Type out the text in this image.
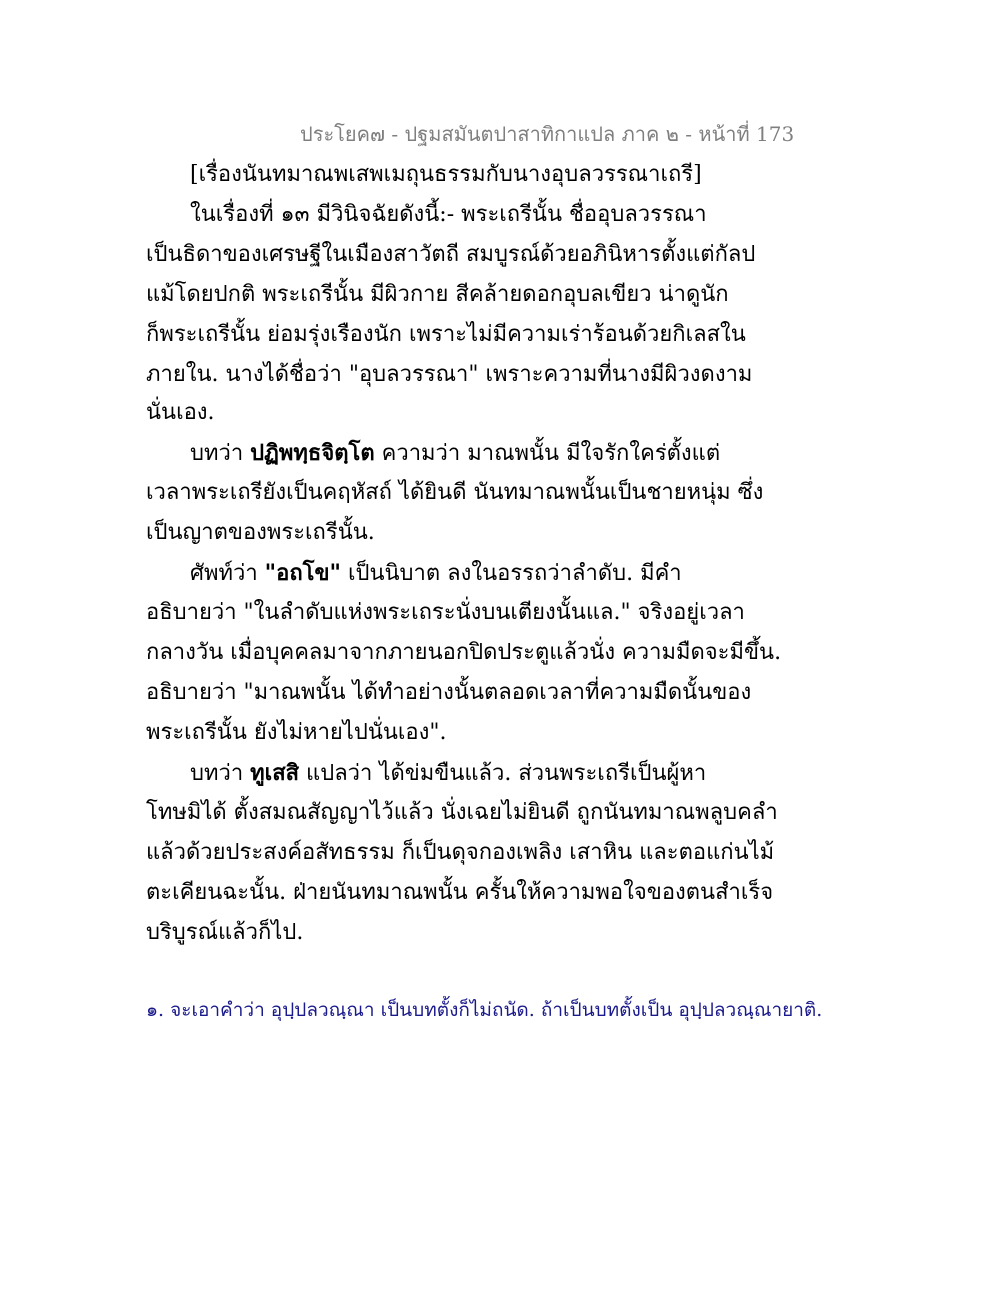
ประโยค๗ - ปฐมสมันตปาสาทิกาแปล ภาค ๒ - หน้าที่ 173
[เรื่องนันทมาณพเสพเมถุนธรรมกับนางอุบลวรรณาเถรี]
ในเรื่องที่ ๑๓ มีวินิจฉัยดังนี้:- พระเถรีนั้น ชื่ออุบลวรรณา
เป็นธิดาของเศรษฐีในเมืองสาวัตถี สมบูรณ์ด้วยอภินิหารตั้งแต่กัลป
แม้โดยปกติ พระเถรีนั้น มีผิวกาย สีคล้ายดอกอุบลเขียว น่าดูนัก
ก็พระเถรีนั้น ย่อมรุ่งเรืองนัก เพราะไม่มีความเร่าร้อนด้วยกิเลสใน
ภายใน. นางได้ชื่อว่า "อุบลวรรณา" เพราะความที่นางมีผิวงดงาม
นั่นเอง.
บทว่า ปฏิพทฺธจิตฺโต ความว่า มาณพนั้น มีใจรักใคร่ตั้งแต่
เวลาพระเถรียังเป็นคฤหัสถ์ ได้ยินดี นันทมาณพนั้นเป็นชายหนุ่ม ซึ่ง
เป็นญาตของพระเถรีนั้น.
ศัพท์ว่า "อถโข" เป็นนิบาต ลงในอรรถว่าลำดับ. มีคำ
อธิบายว่า "ในลำดับแห่งพระเถระนั่งบนเตียงนั้นแล." จริงอยู่เวลา
กลางวัน เมื่อบุคคลมาจากภายนอกปิดประตูแล้วนั่ง ความมืดจะมีขึ้น.
อธิบายว่า "มาณพนั้น ได้ทำอย่างนั้นตลอดเวลาที่ความมืดนั้นของ
พระเถรีนั้น ยังไม่หายไปนั่นเอง".
บทว่า ทูเสสิ แปลว่า ได้ข่มขืนแล้ว. ส่วนพระเถรีเป็นผู้หา
โทษมิได้ ตั้งสมณสัญญาไว้แล้ว นั่งเฉยไม่ยินดี ถูกนันทมาณพลูบคลำ
แล้วด้วยประสงค์อสัทธรรม ก็เป็นดุจกองเพลิง เสาหิน และตอแก่นไม้
ตะเคียนฉะนั้น. ฝ่ายนันทมาณพนั้น ครั้นให้ความพอใจของตนสำเร็จ
บริบูรณ์แล้วก็ไป.
๑. จะเอาคำว่า อุปฺปลวณฺณา เป็นบทตั้งก็ไม่ถนัด. ถ้าเป็นบทตั้งเป็น อุปฺปลวณฺณายาติ.
